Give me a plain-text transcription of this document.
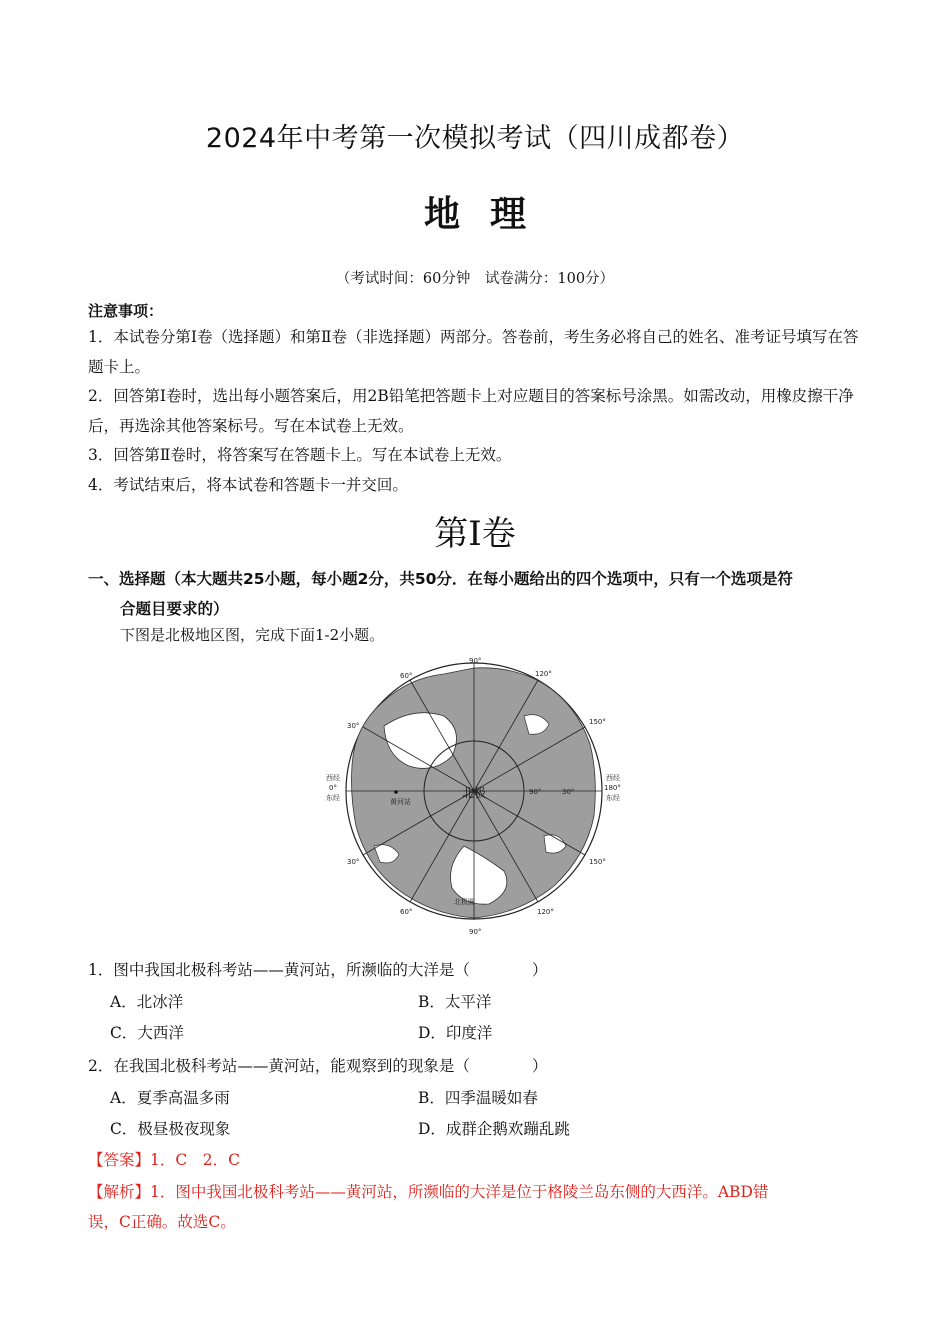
2024年中考第一次模拟考试（四川成都卷）
地理
（考试时间：60分钟　试卷满分：100分）
注意事项：
1．本试卷分第Ⅰ卷（选择题）和第Ⅱ卷（非选择题）两部分。答卷前，考生务必将自己的姓名、准考证号填写在答题卡上。
2．回答第Ⅰ卷时，选出每小题答案后，用2B铅笔把答题卡上对应题目的答案标号涂黑。如需改动，用橡皮擦干净后，再选涂其他答案标号。写在本试卷上无效。
3．回答第Ⅱ卷时，将答案写在答题卡上。写在本试卷上无效。
4．考试结束后，将本试卷和答题卡一并交回。
第Ⅰ卷
一、选择题（本大题共25小题，每小题2分，共50分．在每小题给出的四个选项中，只有一个选项是符
合题目要求的）
下图是北极地区图，完成下面1-2小题。
90°
90°
60°	120°
30°	150°
30°	150°
60°	120°
西经
0°
东经
西经
180°
东经
黄河站
90°	30°
北极圈
北极
1．图中我国北极科考站——黄河站，所濒临的大洋是（　　　　）
A．北冰洋	B．太平洋
C．大西洋	D．印度洋
2．在我国北极科考站——黄河站，能观察到的现象是（　　　　）
A．夏季高温多雨	B．四季温暖如春
C．极昼极夜现象	D．成群企鹅欢蹦乱跳
【答案】1．C　2．C
【解析】1．图中我国北极科考站——黄河站，所濒临的大洋是位于格陵兰岛东侧的大西洋。ABD错
误，C正确。故选C。
